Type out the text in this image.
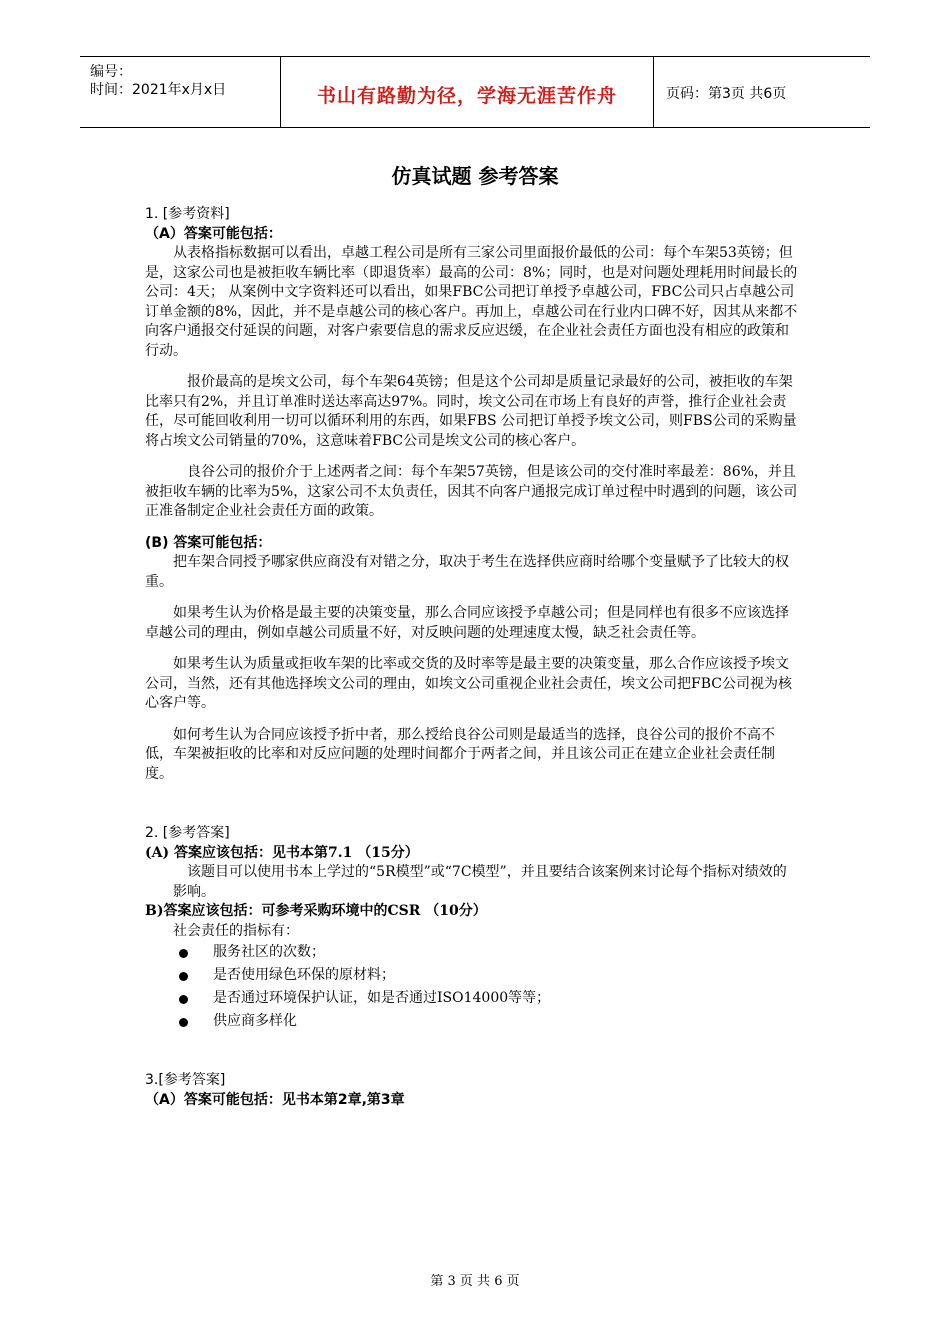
编号：
时间：2021年x月x日	书山有路勤为径，学海无涯苦作舟	页码：第3页 共6页
仿真试题 参考答案

1. [参考资料]

（A）答案可能包括：

从表格指标数据可以看出，卓越工程公司是所有三家公司里面报价最低的公司：每个车架53英镑；但是，这家公司也是被拒收车辆比率（即退货率）最高的公司：8%；同时，也是对问题处理耗用时间最长的公司：4天； 从案例中文字资料还可以看出，如果FBC公司把订单授予卓越公司，FBC公司只占卓越公司订单金额的8%，因此，并不是卓越公司的核心客户。再加上，卓越公司在行业内口碑不好，因其从来都不向客户通报交付延误的问题，对客户索要信息的需求反应迟缓，在企业社会责任方面也没有相应的政策和行动。

报价最高的是埃文公司，每个车架64英镑；但是这个公司却是质量记录最好的公司，被拒收的车架比率只有2%，并且订单准时送达率高达97%。同时，埃文公司在市场上有良好的声誉，推行企业社会责任，尽可能回收利用一切可以循环利用的东西，如果FBS 公司把订单授予埃文公司，则FBS公司的采购量将占埃文公司销量的70%，这意味着FBC公司是埃文公司的核心客户。

良谷公司的报价介于上述两者之间：每个车架57英镑，但是该公司的交付准时率最差：86%，并且被拒收车辆的比率为5%，这家公司不太负责任，因其不向客户通报完成订单过程中时遇到的问题，该公司正准备制定企业社会责任方面的政策。

(B) 答案可能包括：

把车架合同授予哪家供应商没有对错之分，取决于考生在选择供应商时给哪个变量赋予了比较大的权重。

如果考生认为价格是最主要的决策变量，那么合同应该授予卓越公司；但是同样也有很多不应该选择卓越公司的理由，例如卓越公司质量不好，对反映问题的处理速度太慢，缺乏社会责任等。

如果考生认为质量或拒收车架的比率或交货的及时率等是最主要的决策变量，那么合作应该授予埃文公司，当然，还有其他选择埃文公司的理由，如埃文公司重视企业社会责任，埃文公司把FBC公司视为核心客户等。

如何考生认为合同应该授予折中者，那么授给良谷公司则是最适当的选择，良谷公司的报价不高不低，车架被拒收的比率和对反应问题的处理时间都介于两者之间，并且该公司正在建立企业社会责任制度。

2. [参考答案]

(A) 答案应该包括：见书本第7.1 （15分）

该题目可以使用书本上学过的“5R模型”或“7C模型”，并且要结合该案例来讨论每个指标对绩效的影响。

B)答案应该包括：可参考采购环境中的CSR （10分）

社会责任的指标有：

服务社区的次数；
是否使用绿色环保的原材料；
是否通过环境保护认证，如是否通过ISO14000等等；
供应商多样化

3.[参考答案]

（A）答案可能包括：见书本第2章,第3章

第 3 页 共 6 页
